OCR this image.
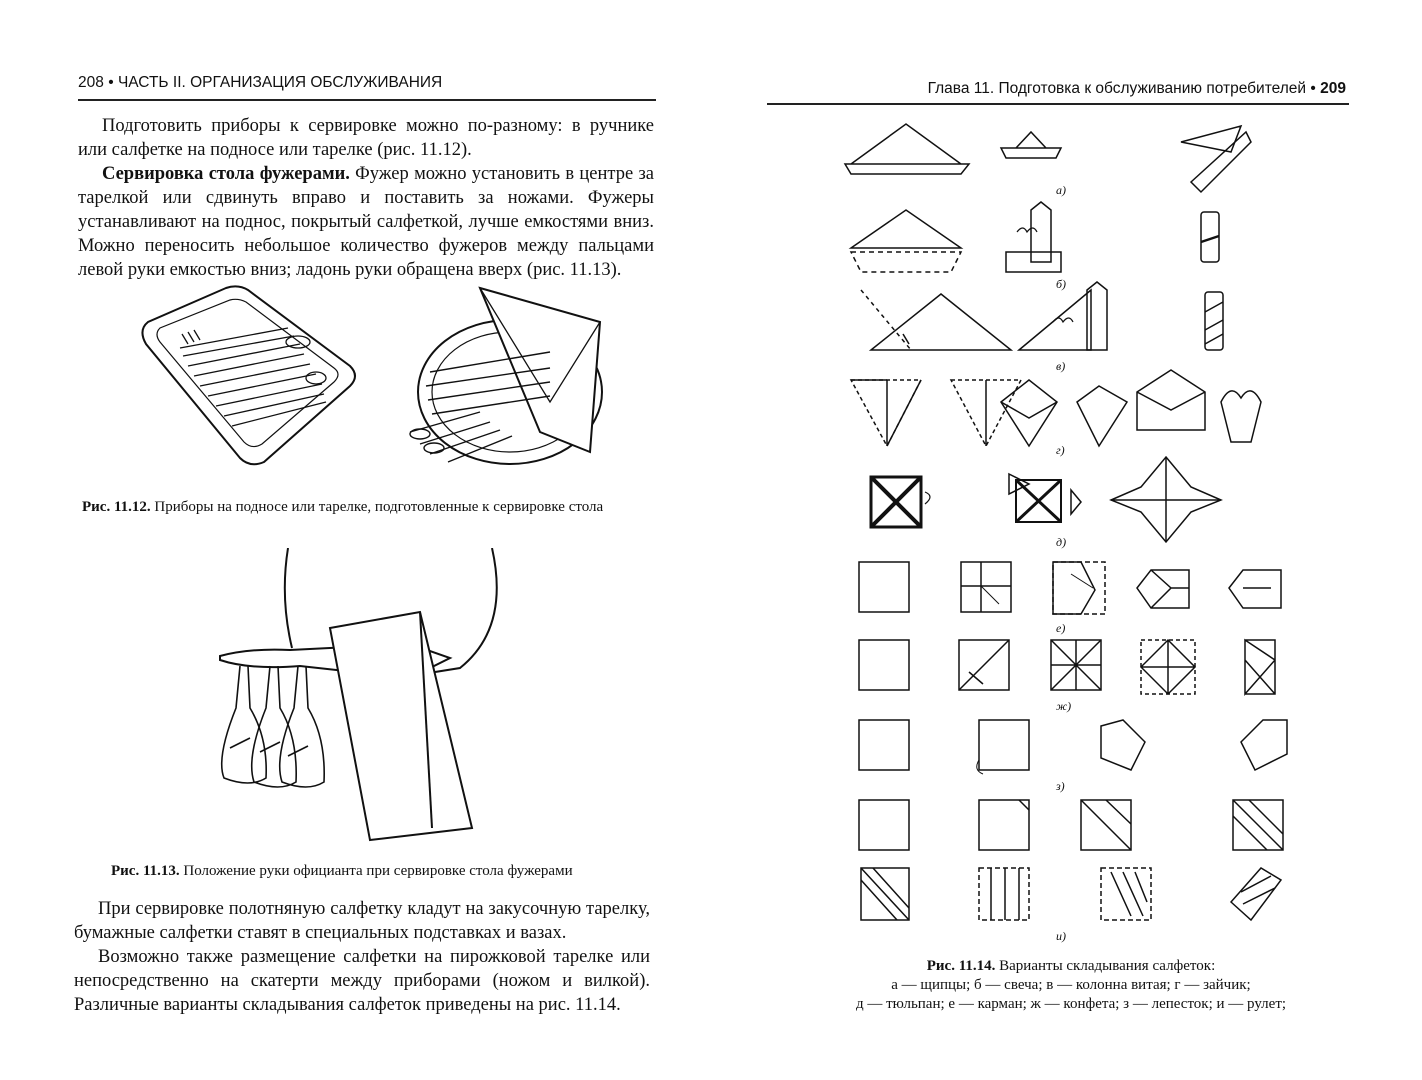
208 • ЧАСТЬ II. ОРГАНИЗАЦИЯ ОБСЛУЖИВАНИЯ

Подготовить приборы к сервировке можно по-разному: в ручнике или салфетке на подносе или тарелке (рис. 11.12).

Сервировка стола фужерами. Фужер можно установить в центре за тарелкой или сдвинуть вправо и поставить за ножами. Фужеры устанавливают на поднос, покрытый салфеткой, лучше емкостями вниз. Можно переносить небольшое количество фужеров между пальцами левой руки емкостью вниз; ладонь руки обращена вверх (рис. 11.13).

Рис. 11.12. Приборы на подносе или тарелке, подготовленные к сервировке стола
Рис. 11.13. Положение руки официанта при сервировке стола фужерами

При сервировке полотняную салфетку кладут на закусочную тарелку, бумажные салфетки ставят в специальных подставках и вазах.

Возможно также размещение салфетки на пирожковой тарелке или непосредственно на скатерти между приборами (ножом и вилкой). Различные варианты складывания салфеток приведены на рис. 11.14.

Глава 11. Подготовка к обслуживанию потребителей • 209
а)
б)
в)
г)
д)
е)
ж)
з)
и)
Рис. 11.14. Варианты складывания салфеток:
а — щипцы; б — свеча; в — колонна витая; г — зайчик;
д — тюльпан; е — карман; ж — конфета; з — лепесток; и — рулет;
